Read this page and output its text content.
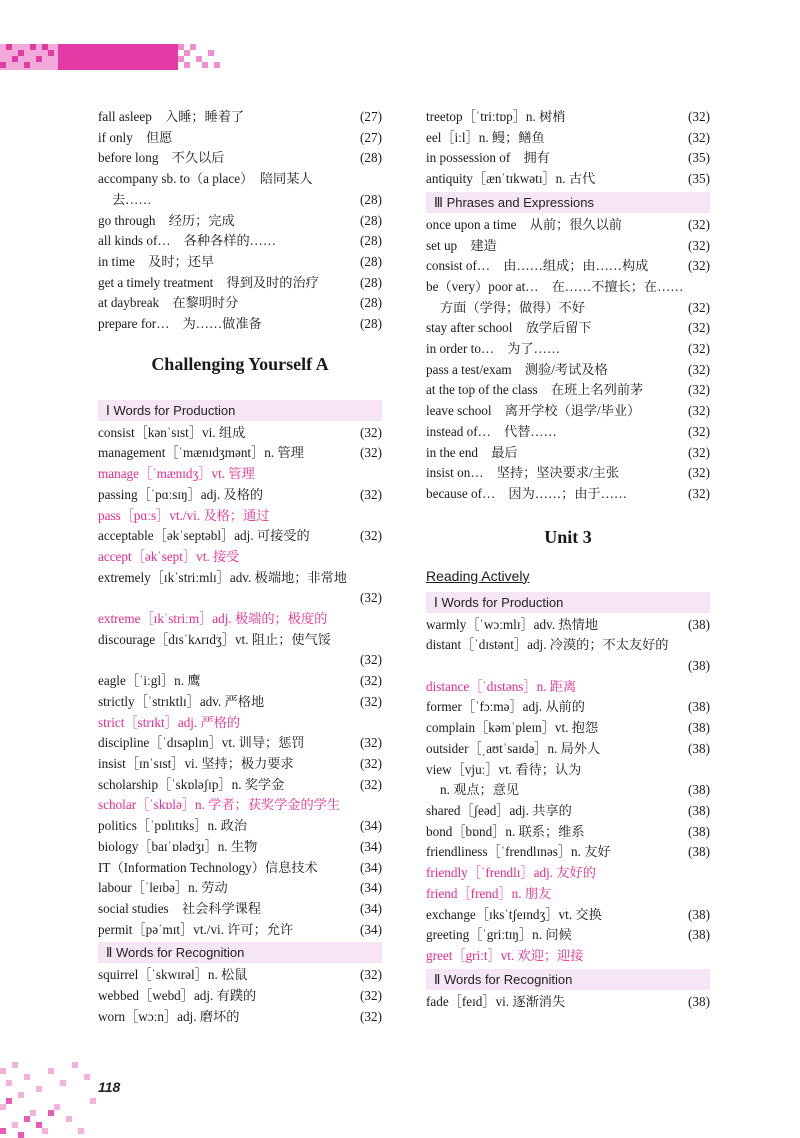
fall asleep　入睡；睡着了	(27)
if only　但愿	(27)
before long　不久以后	(28)
accompany sb. to（a place）　陪同某人
去……	(28)
go through　经历；完成	(28)
all kinds of…　各种各样的……	(28)
in time　及时；还早	(28)
get a timely treatment　得到及时的治疗	(28)
at daybreak　在黎明时分	(28)
prepare for…　为……做准备	(28)
Challenging Yourself A
Ⅰ Words for Production
consist［kənˈsɪst］vi. 组成	(32)
management［ˈmænɪdʒmənt］n. 管理	(32)
manage［ˈmænɪdʒ］vt. 管理
passing［ˈpɑːsɪŋ］adj. 及格的	(32)
pass［pɑːs］vt./vi. 及格；通过
acceptable［əkˈseptəbl］adj. 可接受的	(32)
accept［əkˈsept］vt. 接受
extremely［ɪkˈstriːmlɪ］adv. 极端地；非常地

(32)
extreme［ɪkˈstriːm］adj. 极端的；极度的
discourage［dɪsˈkʌrɪdʒ］vt. 阻止；使气馁

(32)
eagle［ˈiːgl］n. 鹰	(32)
strictly［ˈstrɪktlɪ］adv. 严格地	(32)
strict［strɪkt］adj. 严格的
discipline［ˈdɪsəplɪn］vt. 训导；惩罚	(32)
insist［ɪnˈsɪst］vi. 坚持；极力要求	(32)
scholarship［ˈskɒləʃɪp］n. 奖学金	(32)
scholar［ˈskɒlə］n. 学者；获奖学金的学生
politics［ˈpɒlɪtɪks］n. 政治	(34)
biology［baɪˈɒlədʒɪ］n. 生物	(34)
IT（Information Technology）信息技术	(34)
labour［ˈleɪbə］n. 劳动	(34)
social studies　社会科学课程	(34)
permit［pəˈmɪt］vt./vi. 许可；允许	(34)
Ⅱ Words for Recognition
squirrel［ˈskwɪrəl］n. 松鼠	(32)
webbed［webd］adj. 有蹼的	(32)
worn［wɔːn］adj. 磨坏的	(32)
treetop［ˈtriːtɒp］n. 树梢	(32)
eel［iːl］n. 鳗；鳝鱼	(32)
in possession of　拥有	(35)
antiquity［ænˈtɪkwətɪ］n. 古代	(35)
Ⅲ Phrases and Expressions
once upon a time　从前；很久以前	(32)
set up　建造	(32)
consist of…　由……组成；由……构成	(32)
be（very）poor at…　在……不擅长；在……
方面（学得；做得）不好	(32)
stay after school　放学后留下	(32)
in order to…　为了……	(32)
pass a test/exam　测验/考试及格	(32)
at the top of the class　在班上名列前茅	(32)
leave school　离开学校（退学/毕业）	(32)
instead of…　代替……	(32)
in the end　最后	(32)
insist on…　坚持；坚决要求/主张	(32)
because of…　因为……；由于……	(32)
Unit 3
Reading Actively
Ⅰ Words for Production
warmly［ˈwɔːmlɪ］adv. 热情地	(38)
distant［ˈdɪstənt］adj. 冷漠的；不太友好的

(38)
distance［ˈdɪstəns］n. 距离
former［ˈfɔːmə］adj. 从前的	(38)
complain［kəmˈpleɪn］vt. 抱怨	(38)
outsider［ˌaʊtˈsaɪdə］n. 局外人	(38)
view［vjuː］vt. 看待；认为
n. 观点；意见	(38)
shared［ʃeəd］adj. 共享的	(38)
bond［bɒnd］n. 联系；维系	(38)
friendliness［ˈfrendlɪnəs］n. 友好	(38)
friendly［ˈfrendlɪ］adj. 友好的
friend［frend］n. 朋友
exchange［ɪksˈtʃeɪndʒ］vt. 交换	(38)
greeting［ˈgriːtɪŋ］n. 问候	(38)
greet［griːt］vt. 欢迎；迎接
Ⅱ Words for Recognition
fade［feɪd］vi. 逐渐消失	(38)
118
